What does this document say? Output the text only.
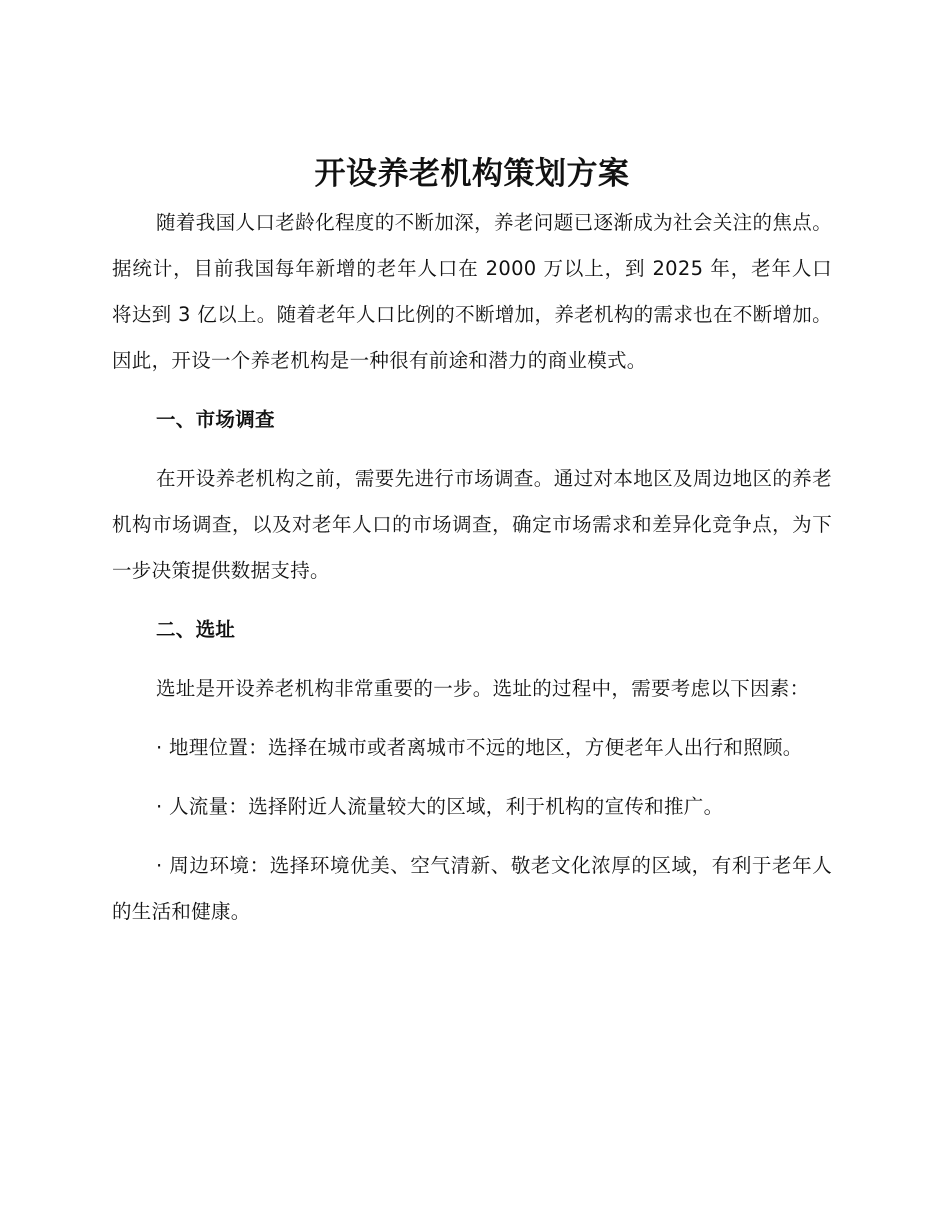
开设养老机构策划方案

随着我国人口老龄化程度的不断加深，养老问题已逐渐成为社会关注的焦点。据统计，目前我国每年新增的老年人口在 2000 万以上，到 2025 年，老年人口将达到 3 亿以上。随着老年人口比例的不断增加，养老机构的需求也在不断增加。因此，开设一个养老机构是一种很有前途和潜力的商业模式。

一、市场调查

在开设养老机构之前，需要先进行市场调查。通过对本地区及周边地区的养老机构市场调查，以及对老年人口的市场调查，确定市场需求和差异化竞争点，为下一步决策提供数据支持。

二、选址

选址是开设养老机构非常重要的一步。选址的过程中，需要考虑以下因素：

· 地理位置：选择在城市或者离城市不远的地区，方便老年人出行和照顾。

· 人流量：选择附近人流量较大的区域，利于机构的宣传和推广。

· 周边环境：选择环境优美、空气清新、敬老文化浓厚的区域，有利于老年人的生活和健康。
